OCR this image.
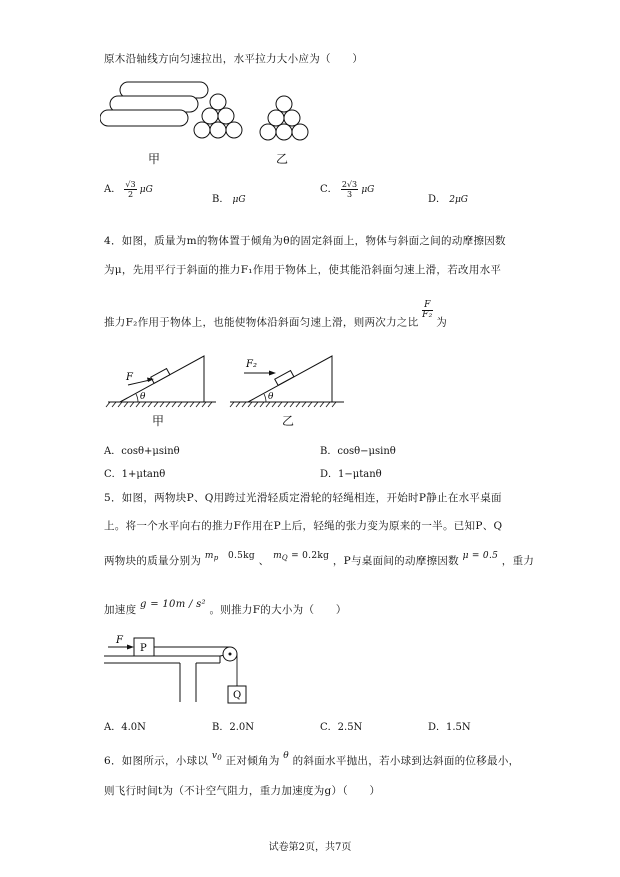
原木沿轴线方向匀速拉出，水平拉力大小应为（　　）
甲	乙
A． $\frac{√3}{2}$ μG
B． μG
C． $\frac{2√3}{3}$ μG
D． 2μG
4．如图，质量为m的物体置于倾角为θ的固定斜面上，物体与斜面之间的动摩擦因数
为μ，先用平行于斜面的推力F₁作用于物体上，使其能沿斜面匀速上滑，若改用水平
推力F₂作用于物体上，也能使物体沿斜面匀速上滑，则两次力之比
$\frac{F}{\text{F₂}}$
为
F
θ
甲
F₂
θ
乙
A．cosθ+μsinθ	B．cosθ−μsinθ
C．1+μtanθ	D．1−μtanθ
5．如图，两物块P、Q用跨过光滑轻质定滑轮的轻绳相连，开始时P静止在水平桌面
上。将一个水平向右的推力F作用在P上后，轻绳的张力变为原来的一半。已知P、Q
两物块的质量分别为 $m_p$ 0.5kg 、 $m_Q = 0.2kg$ ，P与桌面间的动摩擦因数 μ = 0.5 ，重力
加速度 g = 10m / s² 。则推力F的大小为（　　）
P
F
Q
A．4.0N	B．2.0N	C．2.5N	D．1.5N
6．如图所示，小球以 $v_0$ 正对倾角为 θ 的斜面水平抛出，若小球到达斜面的位移最小，
则飞行时间t为（不计空气阻力，重力加速度为g）（　　）
试卷第2页，共7页
